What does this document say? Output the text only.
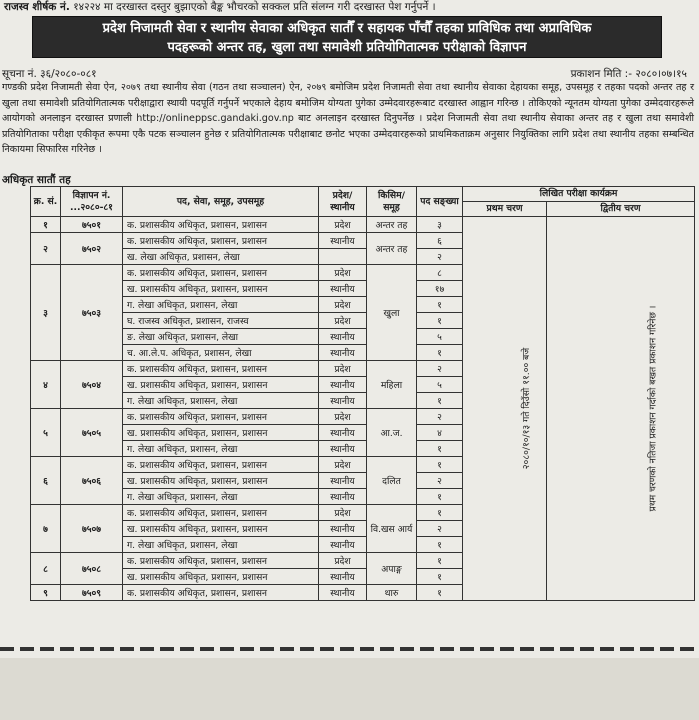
राजस्व शीर्षक नं. १४२२४ मा दरखास्त दस्तुर बुझाएको बैङ्क भौचरको सक्कल प्रति संलग्न गरी दरखास्त पेश गर्नुपर्ने ।
प्रदेश निजामती सेवा र स्थानीय सेवाका अधिकृत सातौँ र सहायक पाँचौँ तहका प्राविधिक तथा अप्राविधिक
पदहरूको अन्तर तह, खुला तथा समावेशी प्रतियोगितात्मक परीक्षाको विज्ञापन
सूचना नं. ३६/२०८०-०८१	प्रकाशन मिति :- २०८०।०७।१५
गण्डकी प्रदेश निजामती सेवा ऐन, २०७९ तथा स्थानीय सेवा (गठन तथा सञ्चालन) ऐन, २०७९ बमोजिम प्रदेश निजामती सेवा तथा स्थानीय सेवाका देहायका समूह, उपसमूह र तहका पदको अन्तर तह र खुला तथा समावेशी प्रतियोगितात्मक परीक्षाद्वारा स्थायी पदपूर्ति गर्नुपर्ने भएकाले देहाय बमोजिम योग्यता पुगेका उम्मेदवारहरूबाट दरखास्त आह्वान गरिन्छ । तोकिएको न्यूनतम योग्यता पुगेका उम्मेदवारहरूले आयोगको अनलाइन दरखास्त प्रणाली http://onlineppsc.gandaki.gov.np बाट अनलाइन दरखास्त दिनुपर्नेछ । प्रदेश निजामती सेवा तथा स्थानीय सेवाका अन्तर तह र खुला तथा समावेशी प्रतियोगिताका परीक्षा एकीकृत रूपमा एकै पटक सञ्चालन हुनेछ र प्रतियोगितात्मक परीक्षाबाट छनोट भएका उम्मेदवारहरूको प्राथमिकताक्रम अनुसार नियुक्तिका लागि प्रदेश तथा स्थानीय तहका सम्बन्धित निकायमा सिफारिस गरिनेछ ।
अधिकृत सातौं तह
क्र. सं.	विज्ञापन नं. ...२०८०-८१	पद, सेवा, समूह, उपसमूह	प्रदेश/ स्थानीय	किसिम/ समूह	पद सङ्ख्या	लिखित परीक्षा कार्यक्रम	
						प्रथम चरण	द्वितीय चरण
१	७५०१	क. प्रशासकीय अधिकृत, प्रशासन, प्रशासन	प्रदेश	अन्तर तह	३	२०८०/१०/१३ गते दिउँसो ११.०० बजे	प्रथम चरणको नतिजा प्रकाशन गर्दाको बखत प्रकाशन गरिनेछ ।
२	७५०२	क. प्रशासकीय अधिकृत, प्रशासन, प्रशासन	स्थानीय	अन्तर तह	६		
		ख. लेखा अधिकृत, प्रशासन, लेखा			२		
३	७५०३	क. प्रशासकीय अधिकृत, प्रशासन, प्रशासन	प्रदेश	खुला	८		
		ख. प्रशासकीय अधिकृत, प्रशासन, प्रशासन	स्थानीय		१७		
		ग. लेखा अधिकृत, प्रशासन, लेखा	प्रदेश		१		
		घ. राजस्व अधिकृत, प्रशासन, राजस्व	प्रदेश		१		
		ङ. लेखा अधिकृत, प्रशासन, लेखा	स्थानीय		५		
		च. आ.ले.प. अधिकृत, प्रशासन, लेखा	स्थानीय		१		
४	७५०४	क. प्रशासकीय अधिकृत, प्रशासन, प्रशासन	प्रदेश	महिला	२		
		ख. प्रशासकीय अधिकृत, प्रशासन, प्रशासन	स्थानीय		५		
		ग. लेखा अधिकृत, प्रशासन, लेखा	स्थानीय		१		
५	७५०५	क. प्रशासकीय अधिकृत, प्रशासन, प्रशासन	प्रदेश	आ.ज.	२		
		ख. प्रशासकीय अधिकृत, प्रशासन, प्रशासन	स्थानीय		४		
		ग. लेखा अधिकृत, प्रशासन, लेखा	स्थानीय		१		
६	७५०६	क. प्रशासकीय अधिकृत, प्रशासन, प्रशासन	प्रदेश	दलित	१		
		ख. प्रशासकीय अधिकृत, प्रशासन, प्रशासन	स्थानीय		२		
		ग. लेखा अधिकृत, प्रशासन, लेखा	स्थानीय		१		
७	७५०७	क. प्रशासकीय अधिकृत, प्रशासन, प्रशासन	प्रदेश	वि.खस आर्य	१		
		ख. प्रशासकीय अधिकृत, प्रशासन, प्रशासन	स्थानीय		२		
		ग. लेखा अधिकृत, प्रशासन, लेखा	स्थानीय		१		
८	७५०८	क. प्रशासकीय अधिकृत, प्रशासन, प्रशासन	प्रदेश	अपाङ्ग	१		
		ख. प्रशासकीय अधिकृत, प्रशासन, प्रशासन	स्थानीय		१		
९	७५०९	क. प्रशासकीय अधिकृत, प्रशासन, प्रशासन	स्थानीय	थारु	१		
